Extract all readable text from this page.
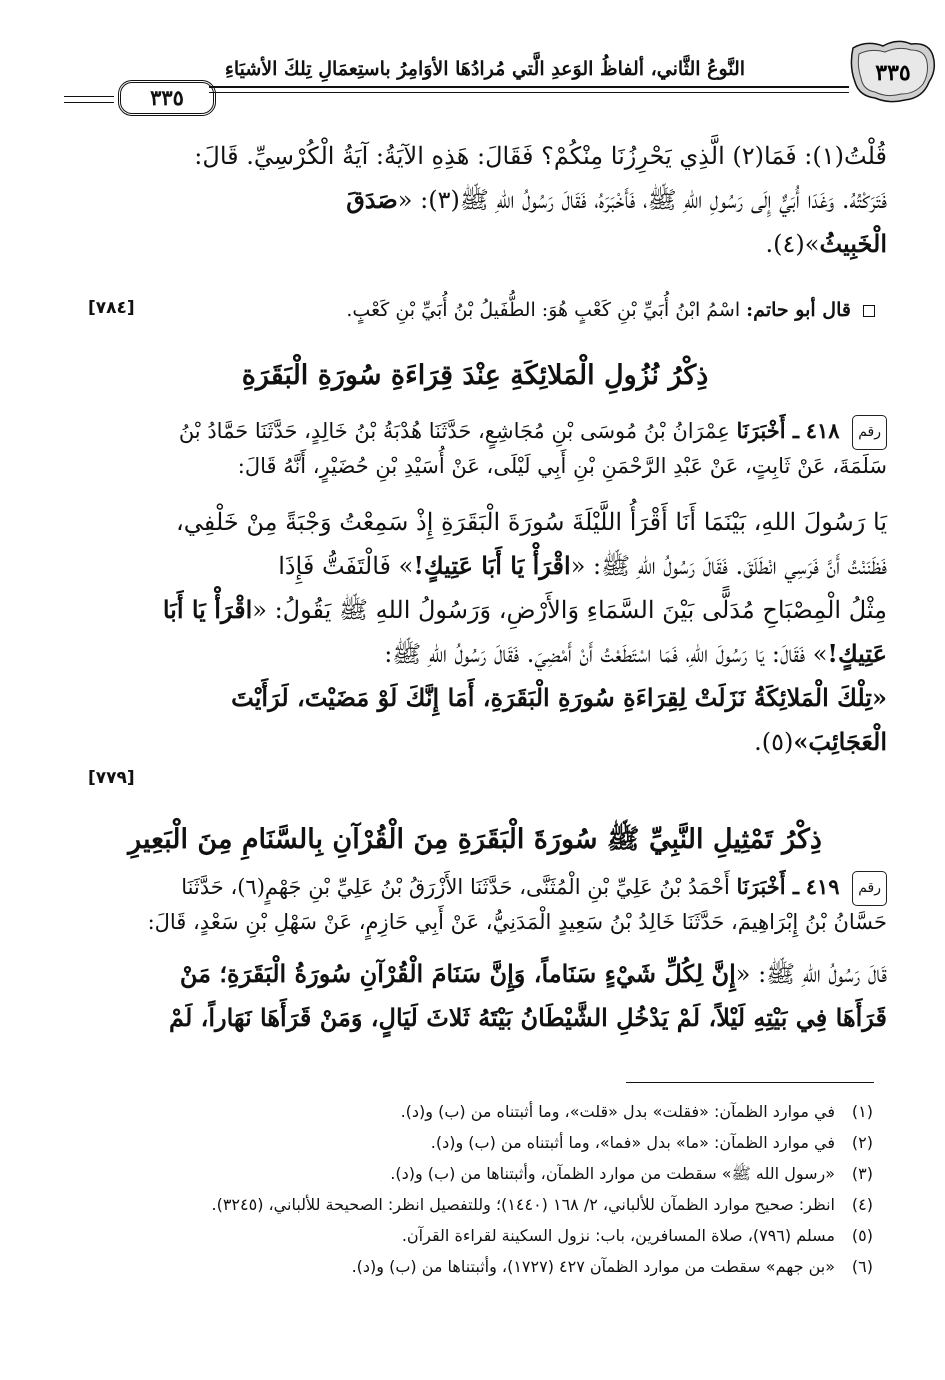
٣٣٥
النَّوعُ الثَّاني، ألفاظُ الوَعدِ الَّتي مُرادُهَا الأوَامِرُ باستِعمَالِ تِلكَ الأشيَاءِ
٣٣٥
قُلْتُ(١): فَمَا(٢) الَّذِي يَحْرِزُنَا مِنْكُمْ؟ فَقَالَ: هَذِهِ الآيَةُ: آيَةُ الْكُرْسِيِّ. قَالَ:
فَتَرَكْتُهُ. وَغَدَا أُبَيٌّ إِلَى رَسُولِ اللهِ ﷺ، فَأَخْبَرَهُ، فَقَالَ رَسُولُ اللهِ ﷺ(٣): «صَدَقَ
الْخَبِيثُ»(٤).
قال أبو حاتم: اسْمُ ابْنُ أُبَيِّ بْنِ كَعْبٍ هُوَ: الطُّفَيلُ بْنُ أُبَيِّ بْنِ كَعْبٍ.
[٧٨٤]
ذِكْرُ نُزُولِ الْمَلائِكَةِ عِنْدَ قِرَاءَةِ سُورَةِ الْبَقَرَةِ
رقم ٤١٨ ـ أَخْبَرَنَا عِمْرَانُ بْنُ مُوسَى بْنِ مُجَاشِعٍ، حَدَّثَنَا هُدْبَةُ بْنُ خَالِدٍ، حَدَّثَنَا حَمَّادُ بْنُ
سَلَمَةَ، عَنْ ثَابِتٍ، عَنْ عَبْدِ الرَّحْمَنِ بْنِ أَبِي لَيْلَى، عَنْ أُسَيْدِ بْنِ حُضَيْرٍ، أَنَّهُ قَالَ:
يَا رَسُولَ اللهِ، بَيْنَمَا أَنَا أَقْرَأُ اللَّيْلَةَ سُورَةَ الْبَقَرَةِ إِذْ سَمِعْتُ وَجْبَةً مِنْ خَلْفِي،
فَظَنَنْتُ أَنَّ فَرَسِي انْطَلَقَ. فَقَالَ رَسُولُ اللهِ ﷺ: «اقْرَأْ يَا أَبَا عَتِيكٍ!» فَالْتَفَتُّ فَإِذَا
مِثْلُ الْمِصْبَاحِ مُدَلًّى بَيْنَ السَّمَاءِ وَالأَرْضِ، وَرَسُولُ اللهِ ﷺ يَقُولُ: «اقْرَأْ يَا أَبَا
عَتِيكٍ!» فَقَالَ: يَا رَسُولَ اللهِ، فَمَا اسْتَطَعْتُ أَنْ أَمْضِيَ. فَقَالَ رَسُولُ اللهِ ﷺ:
«تِلْكَ الْمَلائِكَةُ نَزَلَتْ لِقِرَاءَةِ سُورَةِ الْبَقَرَةِ، أَمَا إِنَّكَ لَوْ مَضَيْتَ، لَرَأَيْتَ
الْعَجَائِبَ»(٥).
[٧٧٩]
ذِكْرُ تَمْثِيلِ النَّبِيِّ ﷺ سُورَةَ الْبَقَرَةِ مِنَ الْقُرْآنِ بِالسَّنَامِ مِنَ الْبَعِيرِ
رقم ٤١٩ ـ أَخْبَرَنَا أَحْمَدُ بْنُ عَلِيِّ بْنِ الْمُثَنَّى، حَدَّثَنَا الأَزْرَقُ بْنُ عَلِيِّ بْنِ جَهْمٍ(٦)، حَدَّثَنَا
حَسَّانُ بْنُ إِبْرَاهِيمَ، حَدَّثَنَا خَالِدُ بْنُ سَعِيدٍ الْمَدَنِيُّ، عَنْ أَبِي حَازِمٍ، عَنْ سَهْلِ بْنِ سَعْدٍ، قَالَ:
قَالَ رَسُولُ اللهِ ﷺ: «إِنَّ لِكُلِّ شَيْءٍ سَنَاماً، وَإِنَّ سَنَامَ الْقُرْآنِ سُورَةُ الْبَقَرَةِ؛ مَنْ
قَرَأَهَا فِي بَيْتِهِ لَيْلاً، لَمْ يَدْخُلِ الشَّيْطَانُ بَيْتَهُ ثَلاثَ لَيَالٍ، وَمَنْ قَرَأَهَا نَهَاراً، لَمْ
(١)
في موارد الظمآن: «فقلت» بدل «قلت»، وما أثبتناه من (ب) و(د).
(٢)
في موارد الظمآن: «ما» بدل «فما»، وما أثبتناه من (ب) و(د).
(٣)
«رسول الله ﷺ» سقطت من موارد الظمآن، وأثبتناها من (ب) و(د).
(٤)
انظر: صحيح موارد الظمآن للألباني، ٢/ ١٦٨ (١٤٤٠)؛ وللتفصيل انظر: الصحيحة للألباني، (٣٢٤٥).
(٥)
مسلم (٧٩٦)، صلاة المسافرين، باب: نزول السكينة لقراءة القرآن.
(٦)
«بن جهم» سقطت من موارد الظمآن ٤٢٧ (١٧٢٧)، وأثبتناها من (ب) و(د).
